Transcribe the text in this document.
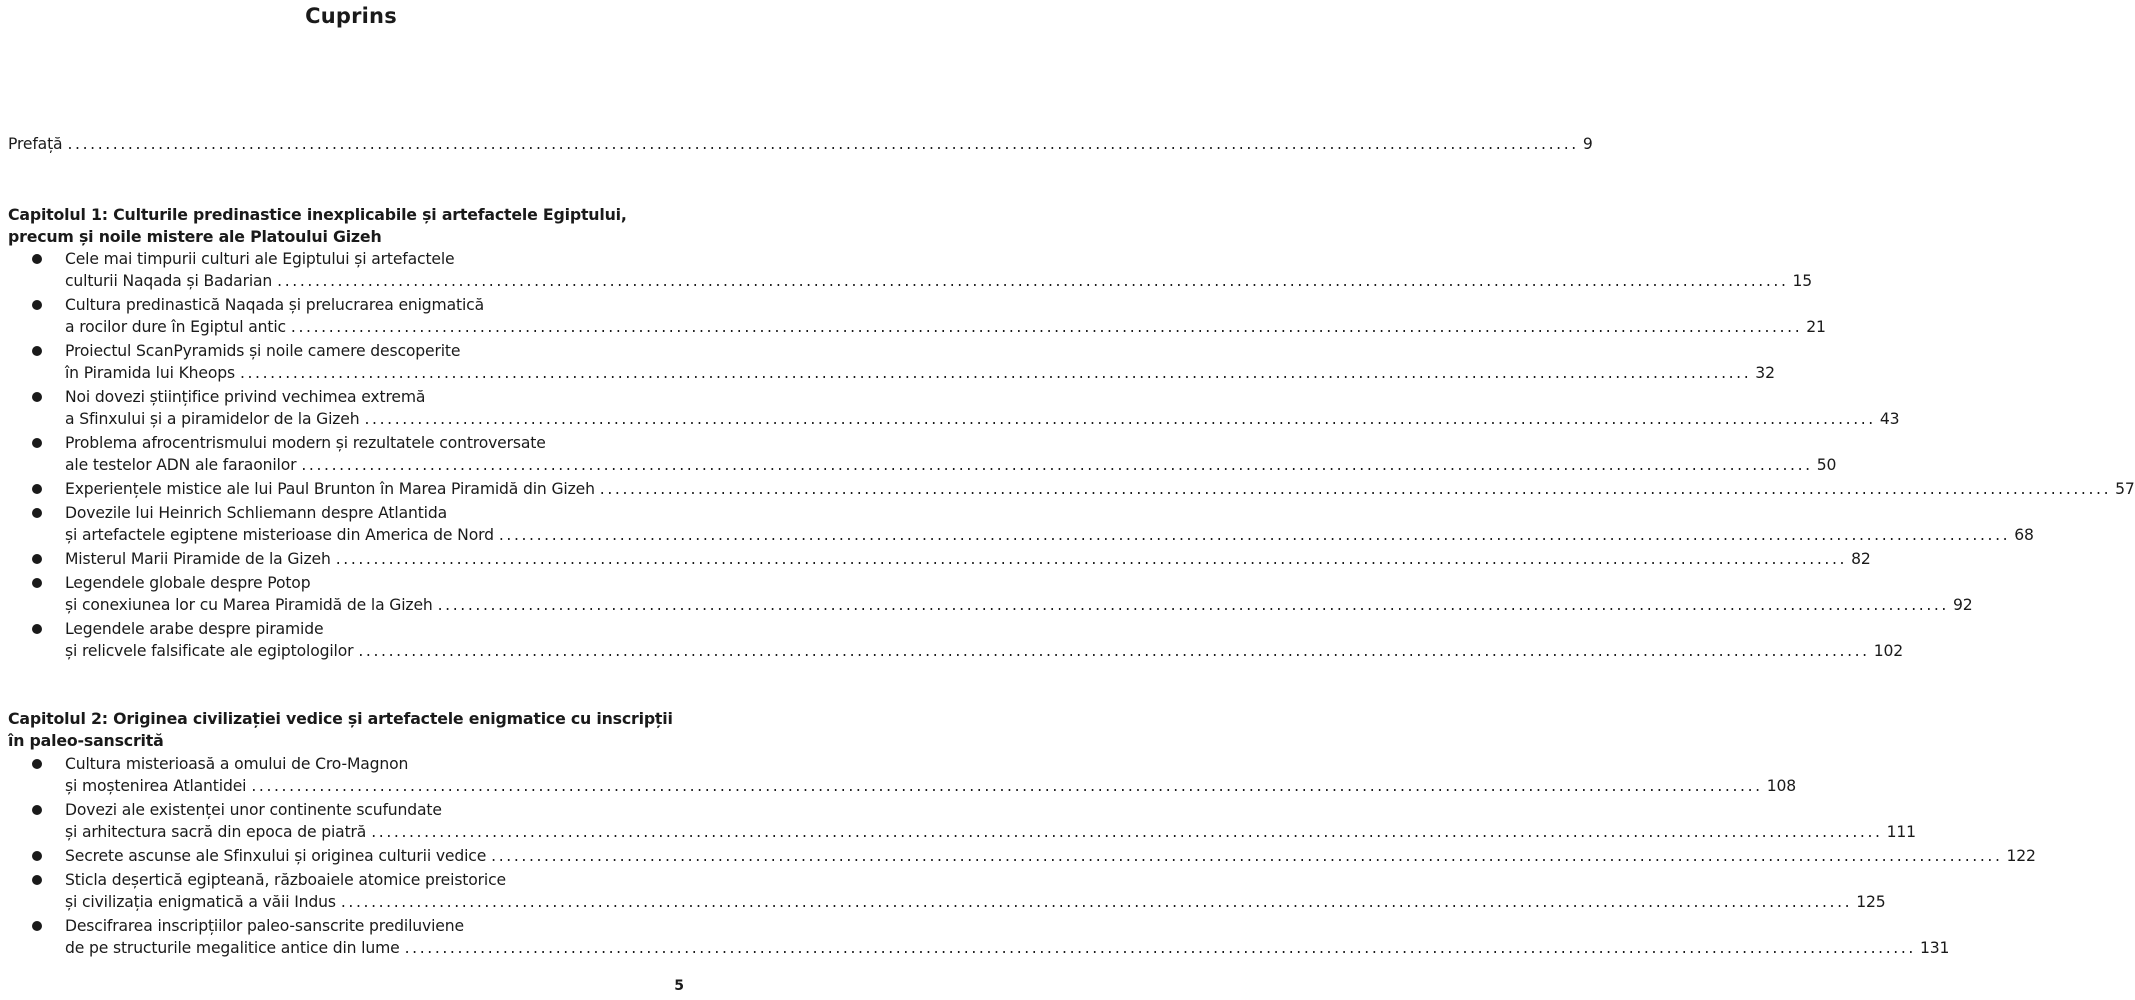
Cuprins
Prefață ........................................................................................................................................................................................................ 9
Capitolul 1: Culturile predinastice inexplicabile și artefactele Egiptului,
precum și noile mistere ale Platoului Gizeh
Cele mai timpurii culturi ale Egiptului și artefactele
culturii Naqada și Badarian ........................................................................................................................................................................................................ 15
Cultura predinastică Naqada și prelucrarea enigmatică
a rocilor dure în Egiptul antic ........................................................................................................................................................................................................ 21
Proiectul ScanPyramids și noile camere descoperite
în Piramida lui Kheops ........................................................................................................................................................................................................ 32
Noi dovezi științifice privind vechimea extremă
a Sfinxului și a piramidelor de la Gizeh ........................................................................................................................................................................................................ 43
Problema afrocentrismului modern și rezultatele controversate
ale testelor ADN ale faraonilor ........................................................................................................................................................................................................ 50
Experiențele mistice ale lui Paul Brunton în Marea Piramidă din Gizeh ........................................................................................................................................................................................................ 57
Dovezile lui Heinrich Schliemann despre Atlantida
și artefactele egiptene misterioase din America de Nord ........................................................................................................................................................................................................ 68
Misterul Marii Piramide de la Gizeh ........................................................................................................................................................................................................ 82
Legendele globale despre Potop
și conexiunea lor cu Marea Piramidă de la Gizeh ........................................................................................................................................................................................................ 92
Legendele arabe despre piramide
și relicvele falsificate ale egiptologilor ........................................................................................................................................................................................................ 102
Capitolul 2: Originea civilizației vedice și artefactele enigmatice cu inscripții
în paleo-sanscrită
Cultura misterioasă a omului de Cro-Magnon
și moștenirea Atlantidei ........................................................................................................................................................................................................ 108
Dovezi ale existenței unor continente scufundate
și arhitectura sacră din epoca de piatră ........................................................................................................................................................................................................ 111
Secrete ascunse ale Sfinxului și originea culturii vedice ........................................................................................................................................................................................................ 122
Sticla deșertică egipteană, războaiele atomice preistorice
și civilizația enigmatică a văii Indus ........................................................................................................................................................................................................ 125
Descifrarea inscripțiilor paleo-sanscrite prediluviene
de pe structurile megalitice antice din lume ........................................................................................................................................................................................................ 131
5
